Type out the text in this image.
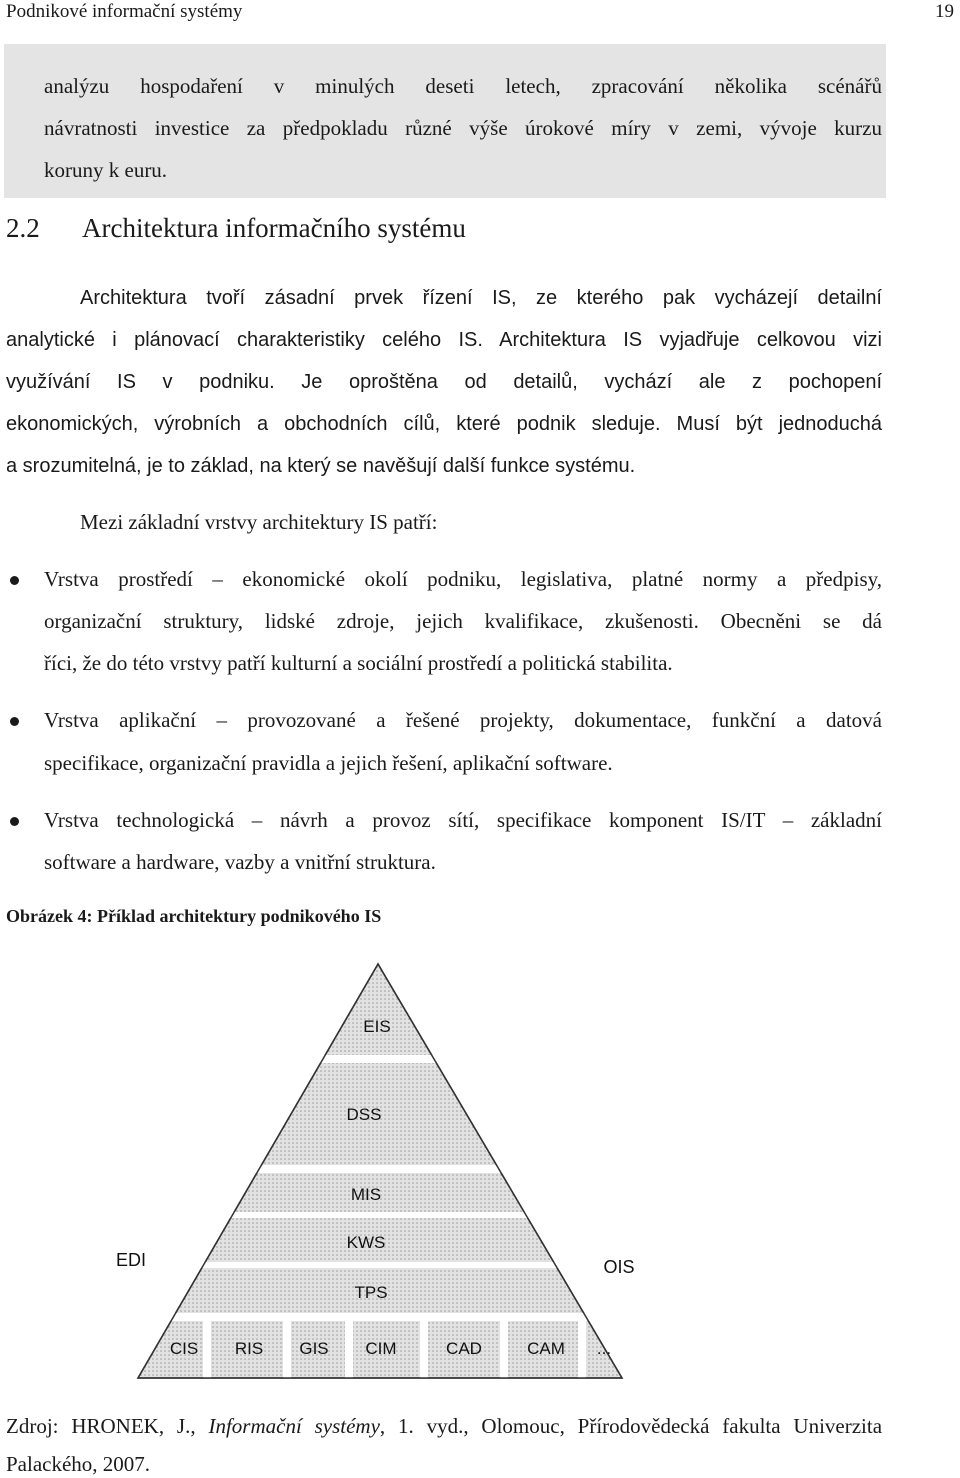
Podnikové informační systémy	19
analýzu hospodaření v minulých deseti letech, zpracování několika scénářů
návratnosti investice za předpokladu různé výše úrokové míry v zemi, vývoje kurzu
koruny k euru.
2.2 Architektura informačního systému
Architektura tvoří zásadní prvek řízení IS, ze kterého pak vycházejí detailní
analytické i plánovací charakteristiky celého IS. Architektura IS vyjadřuje celkovou vizi
využívání IS v podniku. Je oproštěna od detailů, vychází ale z pochopení
ekonomických, výrobních a obchodních cílů, které podnik sleduje. Musí být jednoduchá
a srozumitelná, je to základ, na který se navěšují další funkce systému.
Mezi základní vrstvy architektury IS patří:
Vrstva prostředí – ekonomické okolí podniku, legislativa, platné normy a předpisy,
organizační struktury, lidské zdroje, jejich kvalifikace, zkušenosti. Obecněni se dá
říci, že do této vrstvy patří kulturní a sociální prostředí a politická stabilita.
Vrstva aplikační – provozované a řešené projekty, dokumentace, funkční a datová
specifikace, organizační pravidla a jejich řešení, aplikační software.
Vrstva technologická – návrh a provoz sítí, specifikace komponent IS/IT – základní
software a hardware, vazby a vnitřní struktura.
Obrázek 4: Příklad architektury podnikového IS
EIS
DSS
MIS
KWS
TPS
CIS RIS GIS CIM	CAD	CAM ...
EDI	OIS
Zdroj: HRONEK, J., Informační systémy, 1. vyd., Olomouc, Přírodovědecká fakulta Univerzita
Palackého, 2007.
